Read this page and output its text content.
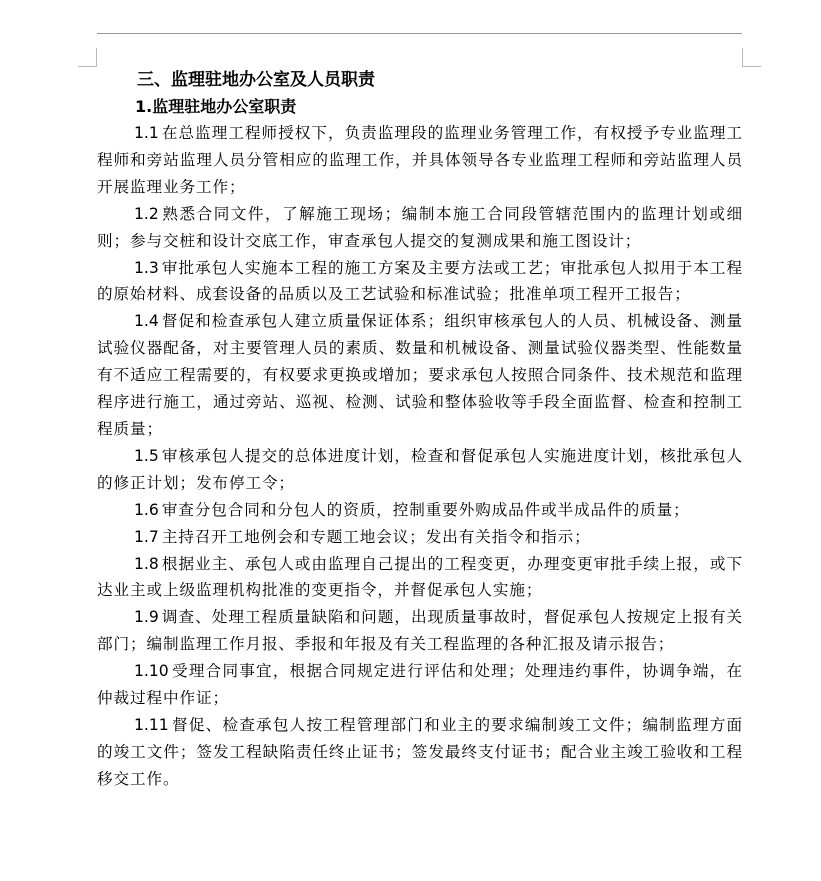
三、监理驻地办公室及人员职责

1.监理驻地办公室职责

1.1 在总监理工程师授权下，负责监理段的监理业务管理工作，有权授予专业监理工程师和旁站监理人员分管相应的监理工作，并具体领导各专业监理工程师和旁站监理人员开展监理业务工作；

1.2 熟悉合同文件，了解施工现场；编制本施工合同段管辖范围内的监理计划或细则；参与交桩和设计交底工作，审查承包人提交的复测成果和施工图设计；

1.3 审批承包人实施本工程的施工方案及主要方法或工艺；审批承包人拟用于本工程的原始材料、成套设备的品质以及工艺试验和标准试验；批准单项工程开工报告；

1.4 督促和检查承包人建立质量保证体系；组织审核承包人的人员、机械设备、测量试验仪器配备，对主要管理人员的素质、数量和机械设备、测量试验仪器类型、性能数量有不适应工程需要的，有权要求更换或增加；要求承包人按照合同条件、技术规范和监理程序进行施工，通过旁站、巡视、检测、试验和整体验收等手段全面监督、检查和控制工程质量；

1.5 审核承包人提交的总体进度计划，检查和督促承包人实施进度计划，核批承包人的修正计划；发布停工令；

1.6 审查分包合同和分包人的资质，控制重要外购成品件或半成品件的质量；

1.7 主持召开工地例会和专题工地会议；发出有关指令和指示；

1.8 根据业主、承包人或由监理自己提出的工程变更，办理变更审批手续上报，或下达业主或上级监理机构批准的变更指令，并督促承包人实施；

1.9 调查、处理工程质量缺陷和问题，出现质量事故时，督促承包人按规定上报有关部门；编制监理工作月报、季报和年报及有关工程监理的各种汇报及请示报告；

1.10 受理合同事宜，根据合同规定进行评估和处理；处理违约事件，协调争端，在仲裁过程中作证；

1.11 督促、检查承包人按工程管理部门和业主的要求编制竣工文件；编制监理方面的竣工文件；签发工程缺陷责任终止证书；签发最终支付证书；配合业主竣工验收和工程移交工作。
